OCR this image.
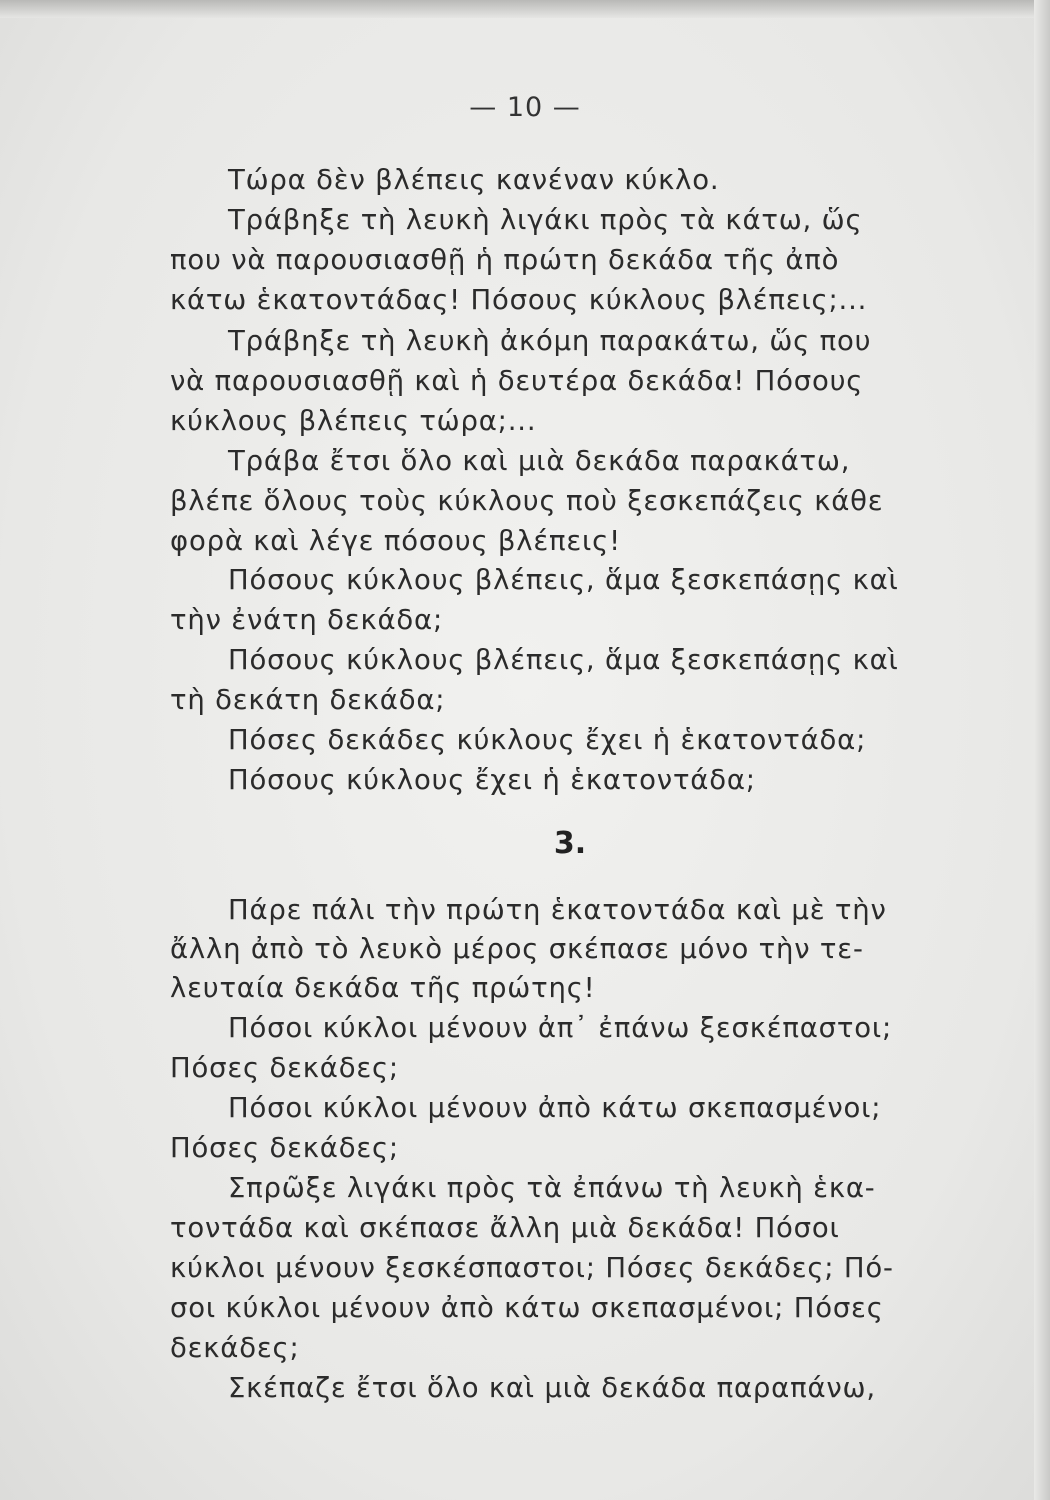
— 10 —
Τώρα δὲν βλέπεις κανέναν κύκλο.
Τράβηξε τὴ λευκὴ λιγάκι πρὸς τὰ κάτω, ὥς
που νὰ παρουσιασθῇ ἡ πρώτη δεκάδα τῆς ἀπὸ
κάτω ἑκατοντάδας! Πόσους κύκλους βλέπεις;...
Τράβηξε τὴ λευκὴ ἀκόμη παρακάτω, ὥς που
νὰ παρουσιασθῇ καὶ ἡ δευτέρα δεκάδα! Πόσους
κύκλους βλέπεις τώρα;...
Τράβα ἔτσι ὅλο καὶ μιὰ δεκάδα παρακάτω,
βλέπε ὅλους τοὺς κύκλους ποὺ ξεσκεπάζεις κάθε
φορὰ καὶ λέγε πόσους βλέπεις!
Πόσους κύκλους βλέπεις, ἅμα ξεσκεπάσῃς καὶ
τὴν ἐνάτη δεκάδα;
Πόσους κύκλους βλέπεις, ἅμα ξεσκεπάσῃς καὶ
τὴ δεκάτη δεκάδα;
Πόσες δεκάδες κύκλους ἔχει ἡ ἑκατοντάδα;
Πόσους κύκλους ἔχει ἡ ἑκατοντάδα;
3.
Πάρε πάλι τὴν πρώτη ἑκατοντάδα καὶ μὲ τὴν
ἄλλη ἀπὸ τὸ λευκὸ μέρος σκέπασε μόνο τὴν τε-
λευταία δεκάδα τῆς πρώτης!
Πόσοι κύκλοι μένουν ἀπ᾽ ἐπάνω ξεσκέπαστοι;
Πόσες δεκάδες;
Πόσοι κύκλοι μένουν ἀπὸ κάτω σκεπασμένοι;
Πόσες δεκάδες;
Σπρῶξε λιγάκι πρὸς τὰ ἐπάνω τὴ λευκὴ ἑκα-
τοντάδα καὶ σκέπασε ἄλλη μιὰ δεκάδα! Πόσοι
κύκλοι μένουν ξεσκέσπαστοι; Πόσες δεκάδες; Πό-
σοι κύκλοι μένουν ἀπὸ κάτω σκεπασμένοι; Πόσες
δεκάδες;
Σκέπαζε ἔτσι ὅλο καὶ μιὰ δεκάδα παραπάνω,
